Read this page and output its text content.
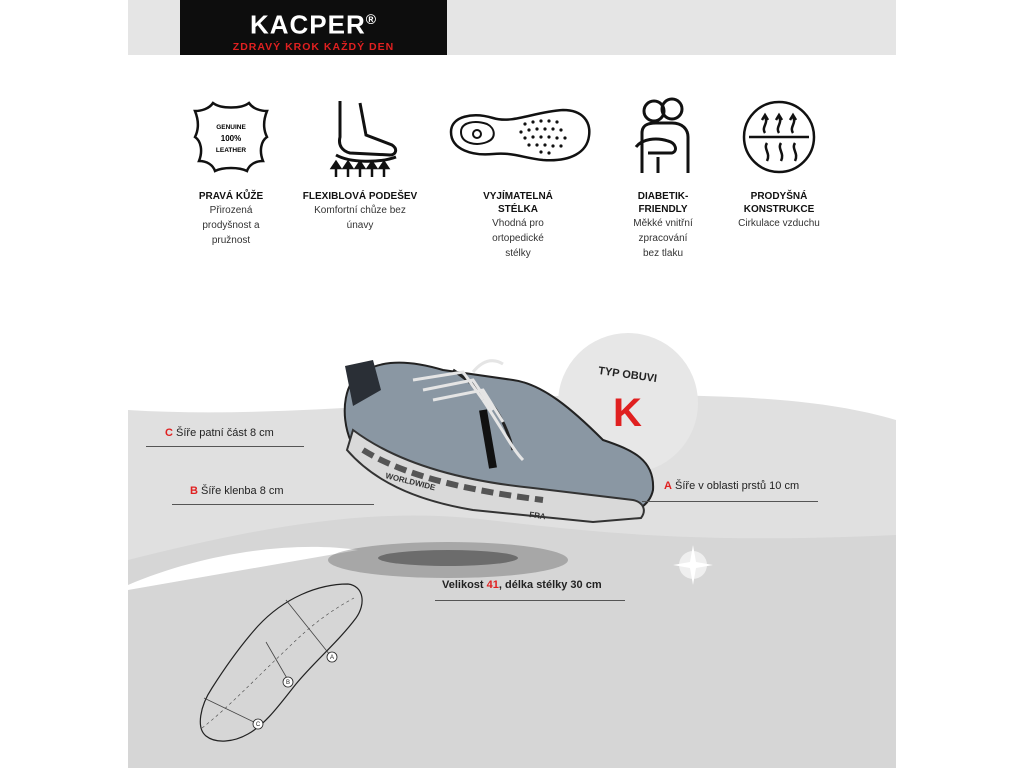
KACPER®
ZDRAVÝ KROK KAŽDÝ DEN
GENUINE
100%
LEATHER
PRAVÁ KŮŽE
Přirozená
prodyšnost a
pružnost
FLEXIBLOVÁ PODEŠEV
Komfortní chůze bez
únavy
VYJÍMATELNÁ
STÉLKA
Vhodná pro
ortopedické
stélky
DIABETIK-
FRIENDLY
Měkké vnitřní
zpracování
bez tlaku
PRODYŠNÁ
KONSTRUKCE
Cirkulace vzduchu
TYP OBUVI
K
WORLDWIDE
FRA
C Šíře patní část 8 cm
B Šíře klenba 8 cm	A Šíře v oblasti prstů 10 cm
Velikost 41, délka stélky 30 cm
A
B
C
